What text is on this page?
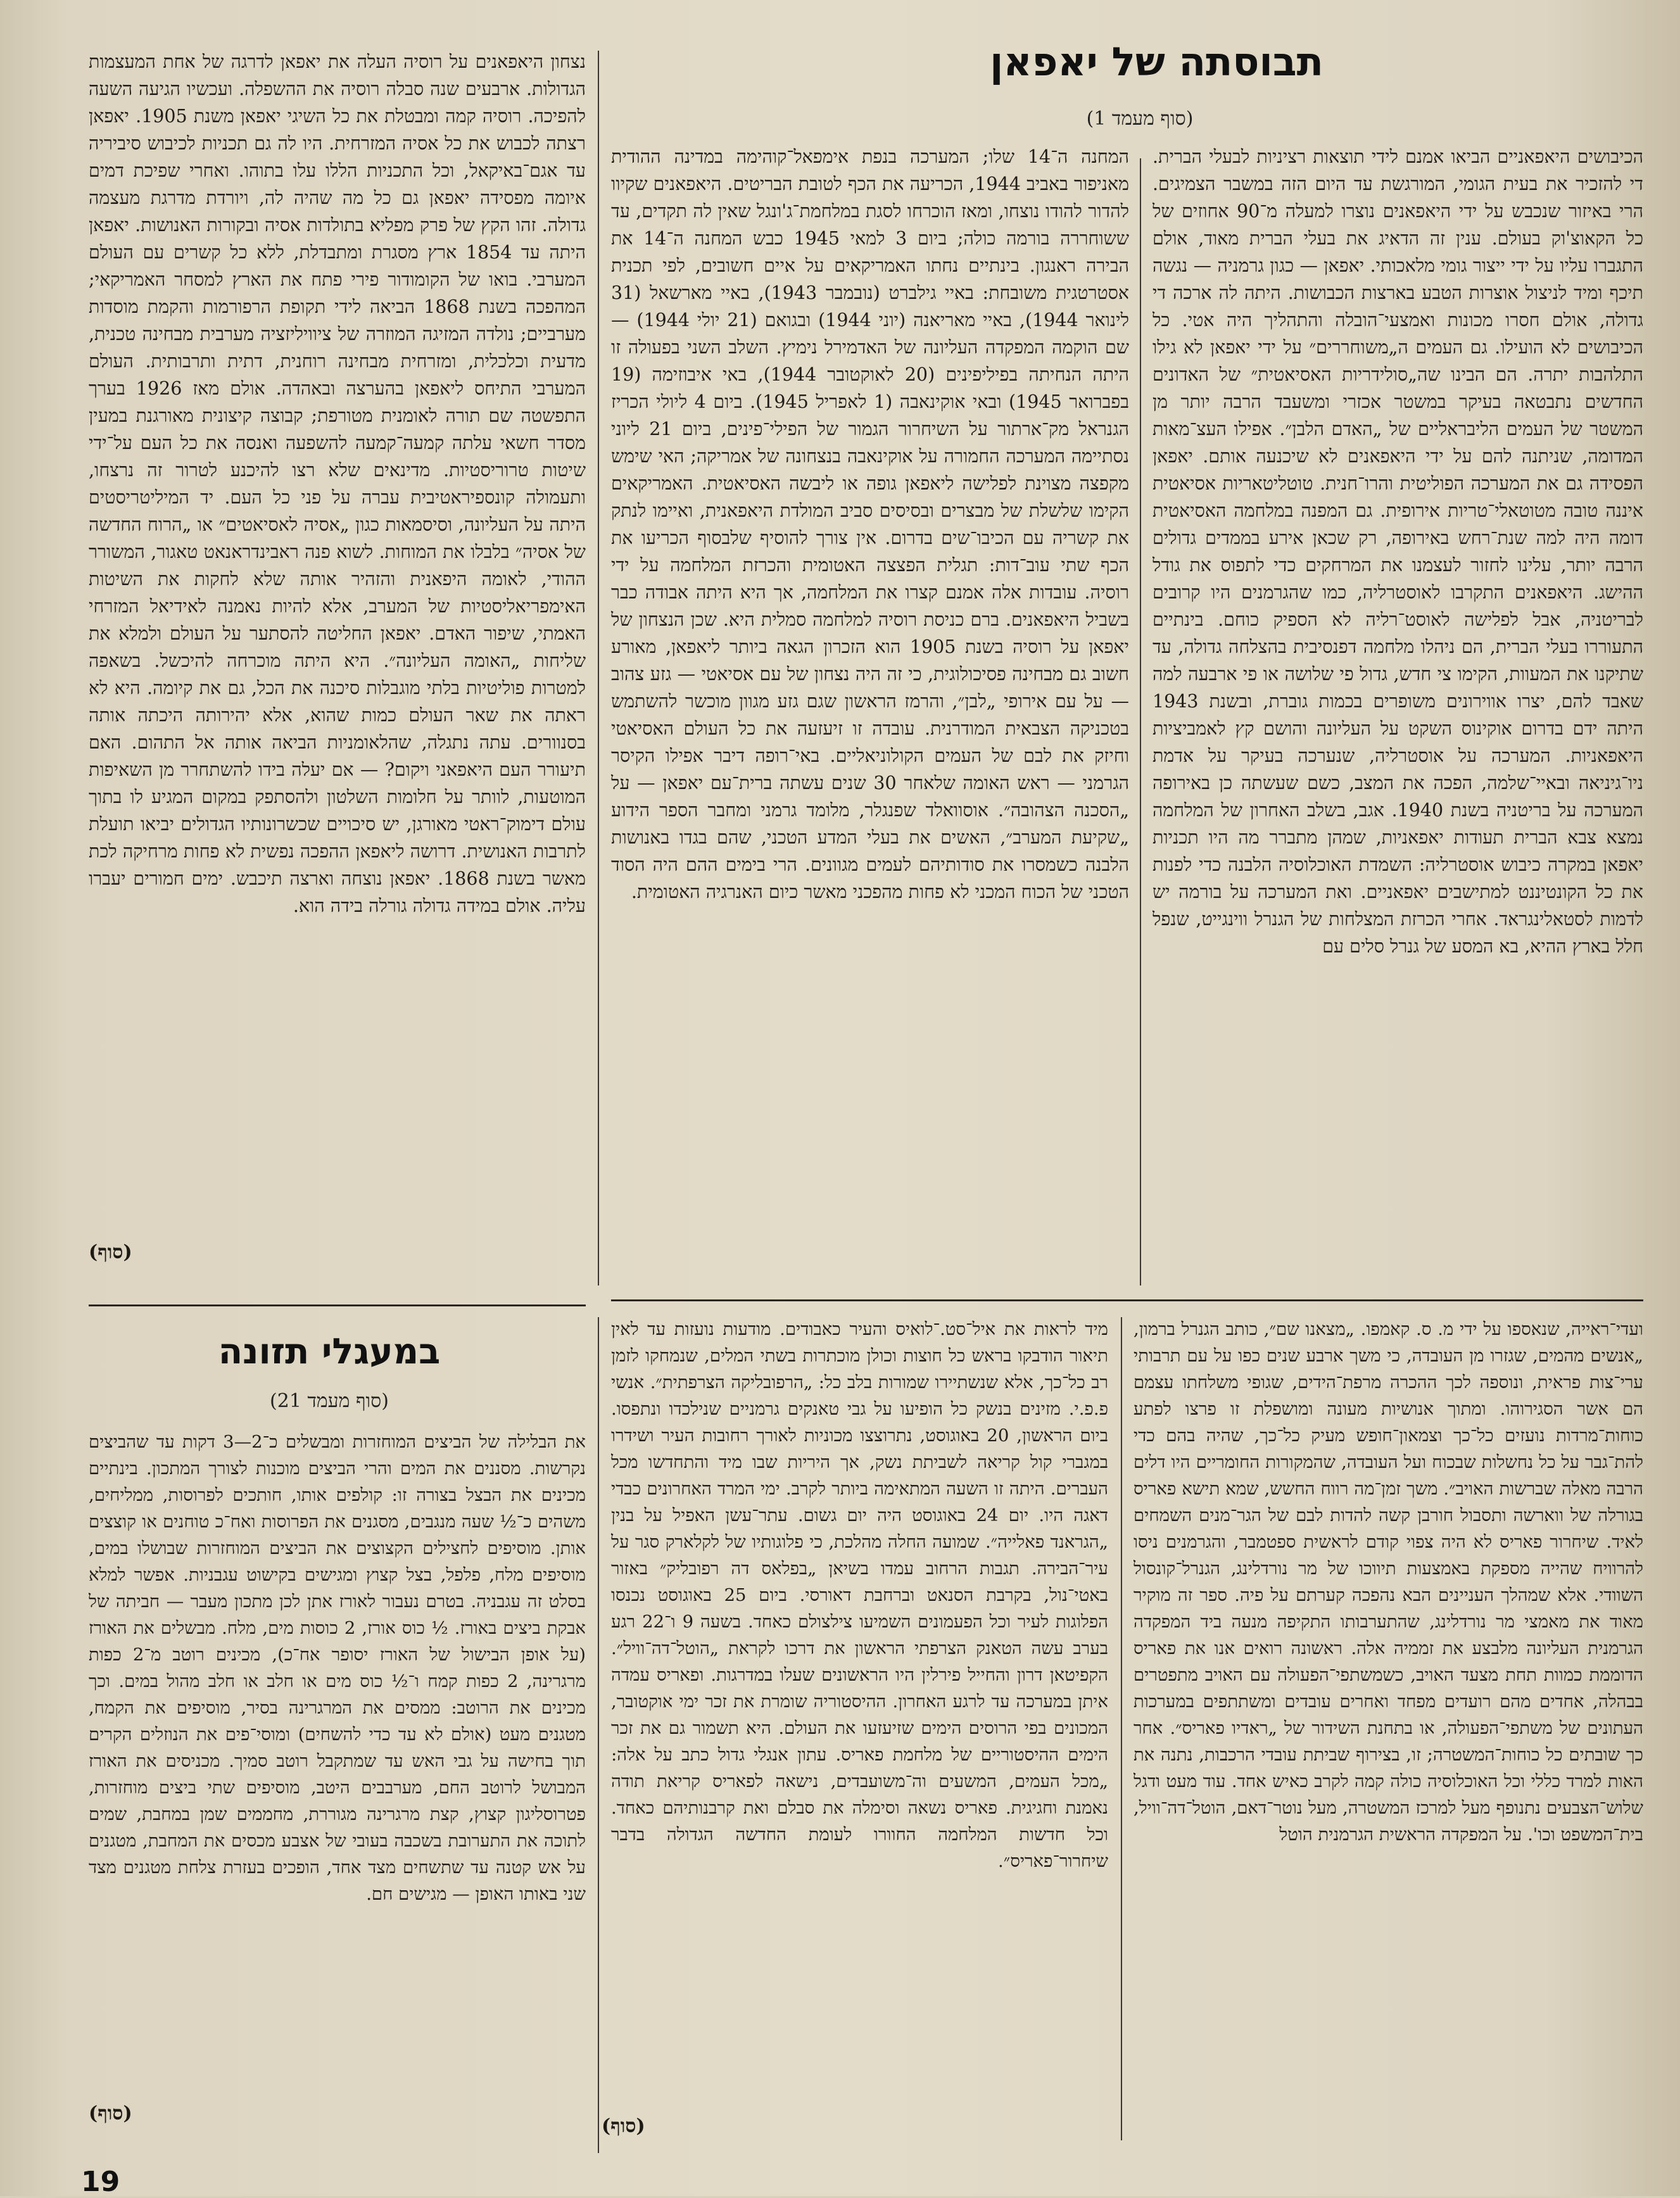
תבוסתה של יאפאן
(סוף מעמד 1)
הכיבושים היאפאניים הביאו אמנם לידי תוצאות רציניות לבעלי הברית. די להזכיר את בעית הגומי, המורגשת עד היום הזה במשבר הצמיגים. הרי באיזור שנכבש על ידי היאפאנים נוצרו למעלה מ־90 אחוזים של כל הקאוצ'וק בעולם. ענין זה הדאיג את בעלי הברית מאוד, אולם התגברו עליו על ידי ייצור גומי מלאכותי. יאפאן — כגון גרמניה — נגשה תיכף ומיד לניצול אוצרות הטבע בארצות הכבושות. היתה לה ארכה די גדולה, אולם חסרו מכונות ואמצעי־הובלה והתהליך היה אטי. כל הכיבושים לא הועילו. גם העמים ה„משוחררים״ על ידי יאפאן לא גילו התלהבות יתרה. הם הבינו שה„סולידריות האסיאטית״ של האדונים החדשים נתבטאה בעיקר במשטר אכזרי ומשעבד הרבה יותר מן המשטר של העמים הליבראליים של „האדם הלבן״. אפילו העצ־מאות המדומה, שניתנה להם על ידי היאפאנים לא שיכנעה אותם. יאפאן הפסידה גם את המערכה הפוליטית והרו־חנית. טוטליטאריות אסיאטית איננה טובה מטוטאלי־טריות אירופית. גם המפנה במלחמה האסיאטית דומה היה למה שנת־רחש באירופה, רק שכאן אירע בממדים גדולים הרבה יותר, עלינו לחזור לעצמנו את המרחקים כדי לתפוס את גודל ההישג. היאפאנים התקרבו לאוסטרליה, כמו שהגרמנים היו קרובים לבריטניה, אבל לפלישה לאוסט־רליה לא הספיק כוחם. בינתיים התעוררו בעלי הברית, הם ניהלו מלחמה דפנסיבית בהצלחה גדולה, עד שתיקנו את המעוות, הקימו צי חדש, גדול פי שלושה או פי ארבעה למה שאבד להם, יצרו אווירונים משופרים בכמות גוברת, ובשנת 1943 היתה ידם בדרום אוקינוס השקט על העליונה והושם קץ לאמביציות היאפאניות. המערכה על אוסטרליה, שנערכה בעיקר על אדמת ניו־גיניאה ובאיי־שלמה, הפכה את המצב, כשם שעשתה כן באירופה המערכה על בריטניה בשנת 1940. אגב, בשלב האחרון של המלחמה נמצא צבא הברית תעודות יאפאניות, שמהן מתברר מה היו תכניות יאפאן במקרה כיבוש אוסטרליה: השמדת האוכלוסיה הלבנה כדי לפנות את כל הקונטיננט למתישבים יאפאניים. ואת המערכה על בורמה יש לדמות לסטאלינגראד. אחרי הכרזת המצלחות של הגנרל ווינגייט, שנפל חלל בארץ ההיא, בא המסע של גנרל סלים עם
המחנה ה־14 שלו; המערכה בנפת אימפאל־קוהימה במדינה ההודית מאניפור באביב 1944, הכריעה את הכף לטובת הבריטים. היאפאנים שקיוו להדור להודו נוצחו, ומאז הוכרחו לסגת במלחמת־ג'ונגל שאין לה תקדים, עד ששוחררה בורמה כולה; ביום 3 למאי 1945 כבש המחנה ה־14 את הבירה ראנגון. בינתיים נחתו האמריקאים על איים חשובים, לפי תכנית אסטרטגית משובחת: באיי גילברט (נובמבר 1943), באיי מארשאל (31 לינואר 1944), באיי מאריאנה (יוני 1944) ובגואם (21 יולי 1944) — שם הוקמה המפקדה העליונה של האדמירל נימיץ. השלב השני בפעולה זו היתה הנחיתה בפיליפינים (20 לאוקטובר 1944), באי איבוזימה (19 בפברואר 1945) ובאי אוקינאבה (1 לאפריל 1945). ביום 4 ליולי הכריז הגנראל מק־ארתור על השיחרור הגמור של הפילי־פינים, ביום 21 ליוני נסתיימה המערכה החמורה על אוקינאבה בנצחונה של אמריקה; האי שימש מקפצה מצוינת לפלישה ליאפאן גופה או ליבשה האסיאטית. האמריקאים הקימו שלשלת של מבצרים ובסיסים סביב המולדת היאפאנית, ואיימו לנתק את קשריה עם הכיבו־שים בדרום. אין צורך להוסיף שלבסוף הכריעו את הכף שתי עוב־דות: תגלית הפצצה האטומית והכרזת המלחמה על ידי רוסיה. עובדות אלה אמנם קצרו את המלחמה, אך היא היתה אבודה כבר בשביל היאפאנים. ברם כניסת רוסיה למלחמה סמלית היא. שכן הנצחון של יאפאן על רוסיה בשנת 1905 הוא הזכרון הגאה ביותר ליאפאן, מאורע חשוב גם מבחינה פסיכולוגית, כי זה היה נצחון של עם אסיאטי — גזע צהוב — על עם אירופי „לבן״, והרמז הראשון שגם גזע מגוון מוכשר להשתמש בטכניקה הצבאית המודרנית. עובדה זו זיעזעה את כל העולם האסיאטי וחיזק את לבם של העמים הקולוניאליים. באי־רופה דיבר אפילו הקיסר הגרמני — ראש האומה שלאחר 30 שנים עשתה ברית־עם יאפאן — על „הסכנה הצהובה״. אוסוואלד שפנגלר, מלומד גרמני ומחבר הספר הידוע „שקיעת המערב״, האשים את בעלי המדע הטכני, שהם בגדו באנושות הלבנה כשמסרו את סודותיהם לעמים מגוונים. הרי בימים ההם היה הסוד הטכני של הכוח המכני לא פחות מהפכני מאשר כיום האנרגיה האטומית.
נצחון היאפאנים על רוסיה העלה את יאפאן לדרגה של אחת המעצמות הגדולות. ארבעים שנה סבלה רוסיה את ההשפלה. ועכשיו הגיעה השעה להפיכה. רוסיה קמה ומבטלת את כל השיגי יאפאן משנת 1905. יאפאן רצתה לכבוש את כל אסיה המזרחית. היו לה גם תכניות לכיבוש סיביריה עד אגם־באיקאל, וכל התכניות הללו עלו בתוהו. ואחרי שפיכת דמים איומה מפסידה יאפאן גם כל מה שהיה לה, ויורדת מדרגת מעצמה גדולה. זהו הקץ של פרק מפליא בתולדות אסיה ובקורות האנושות. יאפאן היתה עד 1854 ארץ מסגרת ומתבדלת, ללא כל קשרים עם העולם המערבי. בואו של הקומודור פירי פתח את הארץ למסחר האמריקאי; המהפכה בשנת 1868 הביאה לידי תקופת הרפורמות והקמת מוסדות מערביים; נולדה המזיגה המוזרה של ציוויליזציה מערבית מבחינה טכנית, מדעית וכלכלית, ומזרחית מבחינה רוחנית, דתית ותרבותית. העולם המערבי התיחס ליאפאן בהערצה ובאהדה. אולם מאז 1926 בערך התפשטה שם תורה לאומנית מטורפת; קבוצה קיצונית מאורגנת במעין מסדר חשאי עלתה קמעה־קמעה להשפעה ואנסה את כל העם על־ידי שיטות טרוריסטיות. מדינאים שלא רצו להיכנע לטרור זה נרצחו, ותעמולה קונספיראטיבית עברה על פני כל העם. יד המיליטריסטים היתה על העליונה, וסיסמאות כגון „אסיה לאסיאטים״ או „הרוח החדשה של אסיה״ בלבלו את המוחות. לשוא פנה ראבינדראנאט טאגור, המשורר ההודי, לאומה היפאנית והזהיר אותה שלא לחקות את השיטות האימפריאליסטיות של המערב, אלא להיות נאמנה לאידיאל המזרחי האמתי, שיפור האדם. יאפאן החליטה להסתער על העולם ולמלא את שליחות „האומה העליונה״. היא היתה מוכרחה להיכשל. בשאפה למטרות פוליטיות בלתי מוגבלות סיכנה את הכל, גם את קיומה. היא לא ראתה את שאר העולם כמות שהוא, אלא יהירותה היכתה אותה בסנוורים. עתה נתגלה, שהלאומניות הביאה אותה אל התהום. האם תיעורר העם היאפאני ויקום? — אם יעלה בידו להשתחרר מן השאיפות המוטעות, לוותר על חלומות השלטון ולהסתפק במקום המגיע לו בתוך עולם דימוק־ראטי מאורגן, יש סיכויים שכשרונותיו הגדולים יביאו תועלת לתרבות האנושית. דרושה ליאפאן ההפכה נפשית לא פחות מרחיקה לכת מאשר בשנת 1868. יאפאן נוצחה וארצה תיכבש. ימים חמורים יעברו עליה. אולם במידה גדולה גורלה בידה הוא.
(סוף)
ועדי־ראייה, שנאספו על ידי מ. ס. קאמפו. „מצאנו שם״, כותב הגנרל ברמון, „אנשים מהמים, שגזרו מן העובדה, כי משך ארבע שנים כפו על עם תרבותי ערי־צות פראית, ונוספה לכך ההכרה מרפת־הידים, שגופי משלחתו עצמם הם אשר הסגירוהו. ומתוך אנושיות מעונה ומושפלת זו פרצו לפתע כוחות־מרדות נועזים כל־כך וצמאון־חופש מעיק כל־כך, שהיה בהם כדי להת־גבר על כל נחשלות שבכוח ועל העובדה, שהמקורות החומריים היו דלים הרבה מאלה שברשות האויב״. משך זמן־מה רווח החשש, שמא תישא פאריס בגורלה של ווארשה ותסבול חורבן קשה להדות לבם של הגר־מנים השמחים לאיד. שיחרור פאריס לא היה צפוי קודם לראשית ספטמבר, והגרמנים ניסו להרוויח שהייה מספקת באמצעות תיווכו של מר נורדלינג, הגנרל־קונסול השוודי. אלא שמהלך העניינים הבא נהפכה קערתם על פיה. ספר זה מוקיר מאוד את מאמצי מר נורדלינג, שהתערבותו התקיפה מנעה ביד המפקדה הגרמנית העליונה מלבצע את זממיה אלה. ראשונה רואים אנו את פאריס הדוממת כמוות תחת מצעד האויב, כשמשתפי־הפעולה עם האויב מתפטרים בבהלה, אחדים מהם רועדים מפחד ואחרים עובדים ומשתתפים במערכות העתונים של משתפי־הפעולה, או בתחנת השידור של „ראדיו פאריס״. אחר כך שובתים כל כוחות־המשטרה; זו, בצירוף שביתת עובדי הרכבות, נתנה את האות למרד כללי וכל האוכלוסיה כולה קמה לקרב כאיש אחד. עוד מעט ודגל שלוש־הצבעים נתנופף מעל למרכז המשטרה, מעל נוטר־דאם, הוטל־דה־וויל, בית־המשפט וכו'. על המפקדה הראשית הגרמנית הוטל
מיד לראות את איל־סט.־לואיס והעיר כאבודים. מודעות נועזות עד לאין תיאור הודבקו בראש כל חוצות וכולן מוכתרות בשתי המלים, שנמחקו לזמן רב כל־כך, אלא שנשתיירו שמורות בלב כל: „הרפובליקה הצרפתית״. אנשי פ.פ.י. מזינים בנשק כל הופיעו על גבי טאנקים גרמניים שנילכדו ונתפסו. ביום הראשון, 20 באוגוסט, נתרוצצו מכוניות לאורך רחובות העיר ושידרו במגברי קול קריאה לשביתת נשק, אך היריות שבו מיד והתחדשו מכל העברים. היתה זו השעה המתאימה ביותר לקרב. ימי המרד האחרונים כבדי דאגה היו. יום 24 באוגוסט היה יום גשום. עתר־עשן האפיל על בנין „הגראנד פאלייה״. שמועה החלה מהלכת, כי פלוגותיו של לקלארק סגר על עיר־הבירה. תגבות הרחוב עמדו בשיאן „בפלאס דה רפובליק״ באזור באטי־נול, בקרבת הסנאט וברחבת דאורסי. ביום 25 באוגוסט נכנסו הפלוגות לעיר וכל הפעמונים השמיעו צילצולם כאחד. בשעה 9 ו־22 רגע בערב עשה הטאנק הצרפתי הראשון את דרכו לקראת „הוטל־דה־וויל״. הקפיטאן דרון והחייל פירלין היו הראשונים שעלו במדרגות. ופאריס עמדה איתן במערכה עד לרגע האחרון. ההיסטוריה שומרת את זכר ימי אוקטובר, המכונים בפי הרוסים הימים שזיעזעו את העולם. היא תשמור גם את זכר הימים ההיסטוריים של מלחמת פאריס. עתון אנגלי גדול כתב על אלה: „מכל העמים, המשעים וה־משועבדים, נישאה לפאריס קריאת תודה נאמנת וחגיגית. פאריס נשאה וסימלה את סבלם ואת קרבנותיהם כאחד. וכל חדשות המלחמה החוורו לעומת החדשה הגדולה בדבר שיחרור־פאריס״.
(סוף)
במעגלי תזונה
(סוף מעמד 21)
את הבלילה של הביצים המוחזרות ומבשלים כ־2—3 דקות עד שהביצים נקרשות. מסננים את המים והרי הביצים מוכנות לצורך המתכון. בינתיים מכינים את הבצל בצורה זו: קולפים אותו, חותכים לפרוסות, ממליחים, משהים כ־½ שעה מנגבים, מסגנים את הפרוסות ואח־כ טוחנים או קוצצים אותן. מוסיפים לחצילים הקצוצים את הביצים המוחזרות שבושלו במים, מוסיפים מלח, פלפל, בצל קצוץ ומגישים בקישוט עגבניות. אפשר למלא בסלט זה עגבניה. בטרם נעבור לאורז אתן לכן מתכון מעבר — חביתה של אבקת ביצים באורז. ½ כוס אורז, 2 כוסות מים, מלח. מבשלים את האורז (על אופן הבישול של האורז יסופר אח־כ), מכינים רוטב מ־2 כפות מרגרינה, 2 כפות קמח ו־½ כוס מים או חלב או חלב מהול במים. וכך מכינים את הרוטב: ממסים את המרגרינה בסיר, מוסיפים את הקמח, מטגנים מעט (אולם לא עד כדי להשחים) ומוסי־פים את הנוזלים הקרים תוך בחישה על גבי האש עד שמתקבל רוטב סמיך. מכניסים את האורז המבושל לרוטב החם, מערבבים היטב, מוסיפים שתי ביצים מוחזרות, פטרוסליגון קצוץ, קצת מרגרינה מגוררת, מחממים שמן במחבת, שמים לתוכה את התערובת בשכבה בעובי של אצבע מכסים את המחבת, מטגנים על אש קטנה עד שתשחים מצד אחד, הופכים בעזרת צלחת מטגנים מצד שני באותו האופן — מגישים חם.
(סוף)
19
